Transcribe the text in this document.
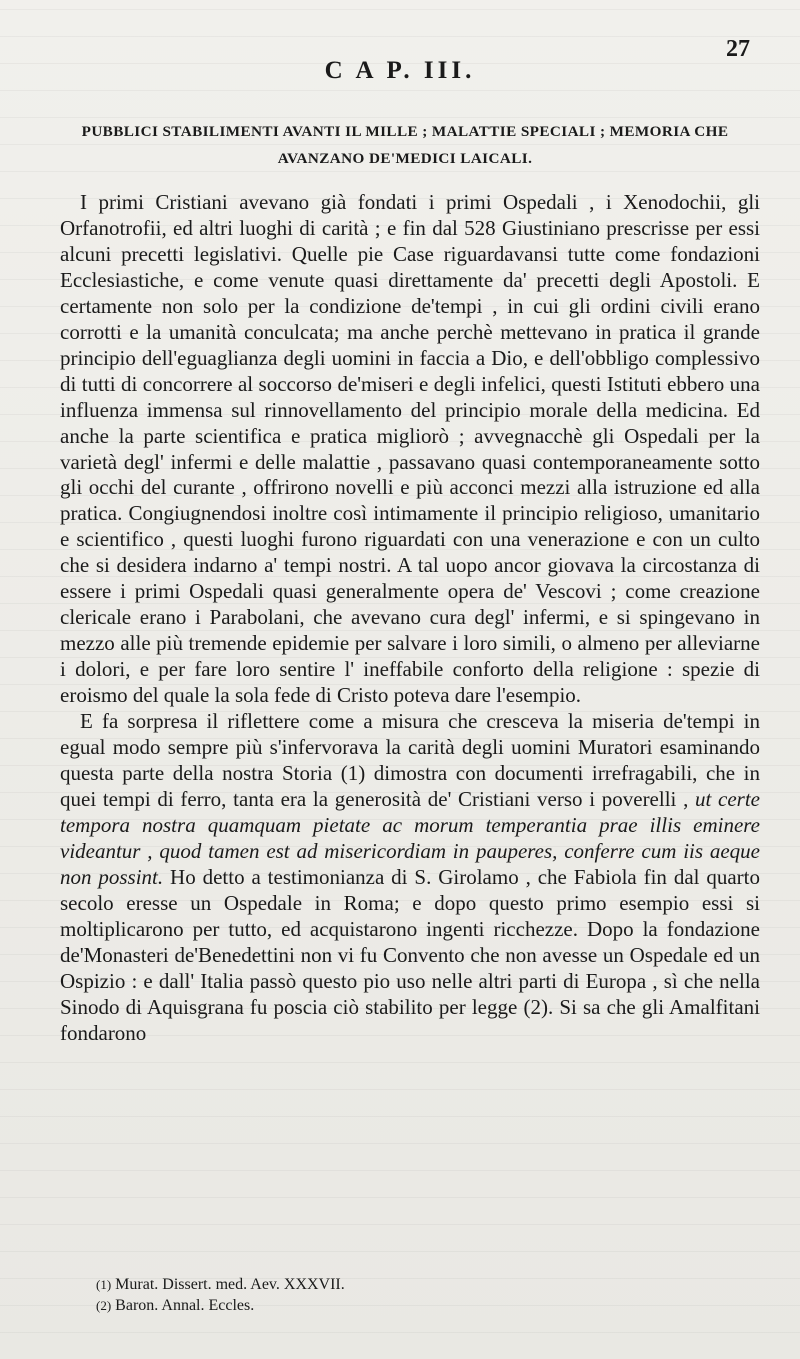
27
C A P. III.
PUBBLICI STABILIMENTI AVANTI IL MILLE ; MALATTIE SPECIALI ; MEMORIA CHE AVANZANO DE'MEDICI LAICALI.

I primi Cristiani avevano già fondati i primi Ospedali , i Xenodochii, gli Orfanotrofii, ed altri luoghi di carità ; e fin dal 528 Giustiniano prescrisse per essi alcuni precetti legislativi. Quelle pie Case riguardavansi tutte come fondazioni Ecclesiastiche, e come venute quasi direttamente da' precetti degli Apostoli. E certamente non solo per la condizione de'tempi , in cui gli ordini civili erano corrotti e la umanità conculcata; ma anche perchè mettevano in pratica il grande principio dell'eguaglianza degli uomini in faccia a Dio, e dell'obbligo complessivo di tutti di concorrere al soccorso de'miseri e degli infelici, questi Istituti ebbero una influenza immensa sul rinnovellamento del principio morale della medicina. Ed anche la parte scientifica e pratica migliorò ; avvegnacchè gli Ospedali per la varietà degl' infermi e delle malattie , passavano quasi contemporaneamente sotto gli occhi del curante , offrirono novelli e più acconci mezzi alla istruzione ed alla pratica. Congiugnendosi inoltre così intimamente il principio religioso, umanitario e scientifico , questi luoghi furono riguardati con una venerazione e con un culto che si desidera indarno a' tempi nostri. A tal uopo ancor giovava la circostanza di essere i primi Ospedali quasi generalmente opera de' Vescovi ; come creazione clericale erano i Parabolani, che avevano cura degl' infermi, e si spingevano in mezzo alle più tremende epidemie per salvare i loro simili, o almeno per alleviarne i dolori, e per fare loro sentire l' ineffabile conforto della religione : spezie di eroismo del quale la sola fede di Cristo poteva dare l'esempio.

E fa sorpresa il riflettere come a misura che cresceva la miseria de'tempi in egual modo sempre più s'infervorava la carità degli uomini Muratori esaminando questa parte della nostra Storia (1) dimostra con documenti irrefragabili, che in quei tempi di ferro, tanta era la generosità de' Cristiani verso i poverelli , ut certe tempora nostra quamquam pietate ac morum temperantia prae illis eminere videantur , quod tamen est ad misericordiam in pauperes, conferre cum iis aeque non possint. Ho detto a testimonianza di S. Girolamo , che Fabiola fin dal quarto secolo eresse un Ospedale in Roma; e dopo questo primo esempio essi si moltiplicarono per tutto, ed acquistarono ingenti ricchezze. Dopo la fondazione de'Monasteri de'Benedettini non vi fu Convento che non avesse un Ospedale ed un Ospizio : e dall' Italia passò questo pio uso nelle altri parti di Europa , sì che nella Sinodo di Aquisgrana fu poscia ciò stabilito per legge (2). Si sa che gli Amalfitani fondarono

(1) Murat. Dissert. med. Aev. XXXVII.
(2) Baron. Annal. Eccles.
